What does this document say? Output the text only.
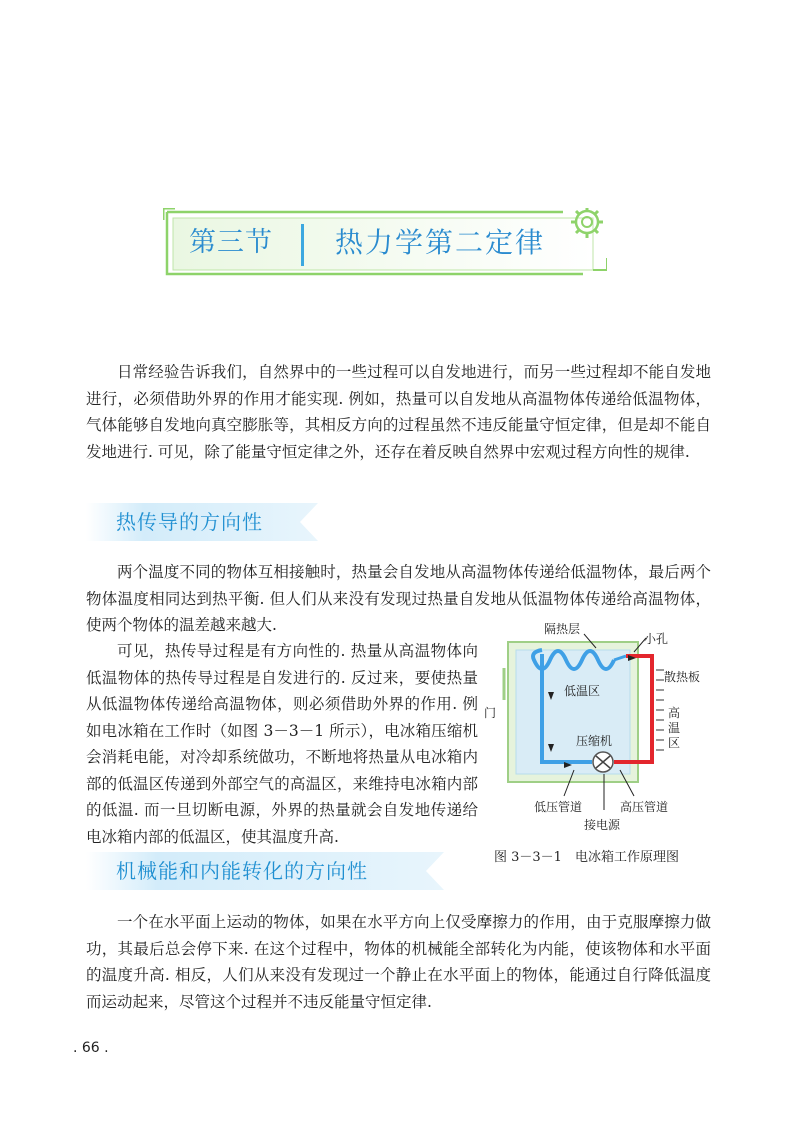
第三节	热力学第二定律

日常经验告诉我们，自然界中的一些过程可以自发地进行，而另一些过程却不能自发地进行，必须借助外界的作用才能实现. 例如，热量可以自发地从高温物体传递给低温物体，气体能够自发地向真空膨胀等，其相反方向的过程虽然不违反能量守恒定律，但是却不能自发地进行. 可见，除了能量守恒定律之外，还存在着反映自然界中宏观过程方向性的规律.

热传导的方向性

两个温度不同的物体互相接触时，热量会自发地从高温物体传递给低温物体，最后两个物体温度相同达到热平衡. 但人们从来没有发现过热量自发地从低温物体传递给高温物体，使两个物体的温差越来越大.

可见，热传导过程是有方向性的. 热量从高温物体向低温物体的热传导过程是自发进行的. 反过来，要使热量从低温物体传递给高温物体，则必须借助外界的作用. 例如电冰箱在工作时（如图 3－3－1 所示），电冰箱压缩机会消耗电能，对冷却系统做功，不断地将热量从电冰箱内部的低温区传递到外部空气的高温区，来维持电冰箱内部的低温. 而一旦切断电源，外界的热量就会自发地传递给电冰箱内部的低温区，使其温度升高.

隔热层
小孔
散热板
低温区
高温区
门
压缩机
低压管道	高压管道
接电源
图 3－3－1　电冰箱工作原理图
机械能和内能转化的方向性

一个在水平面上运动的物体，如果在水平方向上仅受摩擦力的作用，由于克服摩擦力做功，其最后总会停下来. 在这个过程中，物体的机械能全部转化为内能，使该物体和水平面的温度升高. 相反，人们从来没有发现过一个静止在水平面上的物体，能通过自行降低温度而运动起来，尽管这个过程并不违反能量守恒定律.

. 66 .
